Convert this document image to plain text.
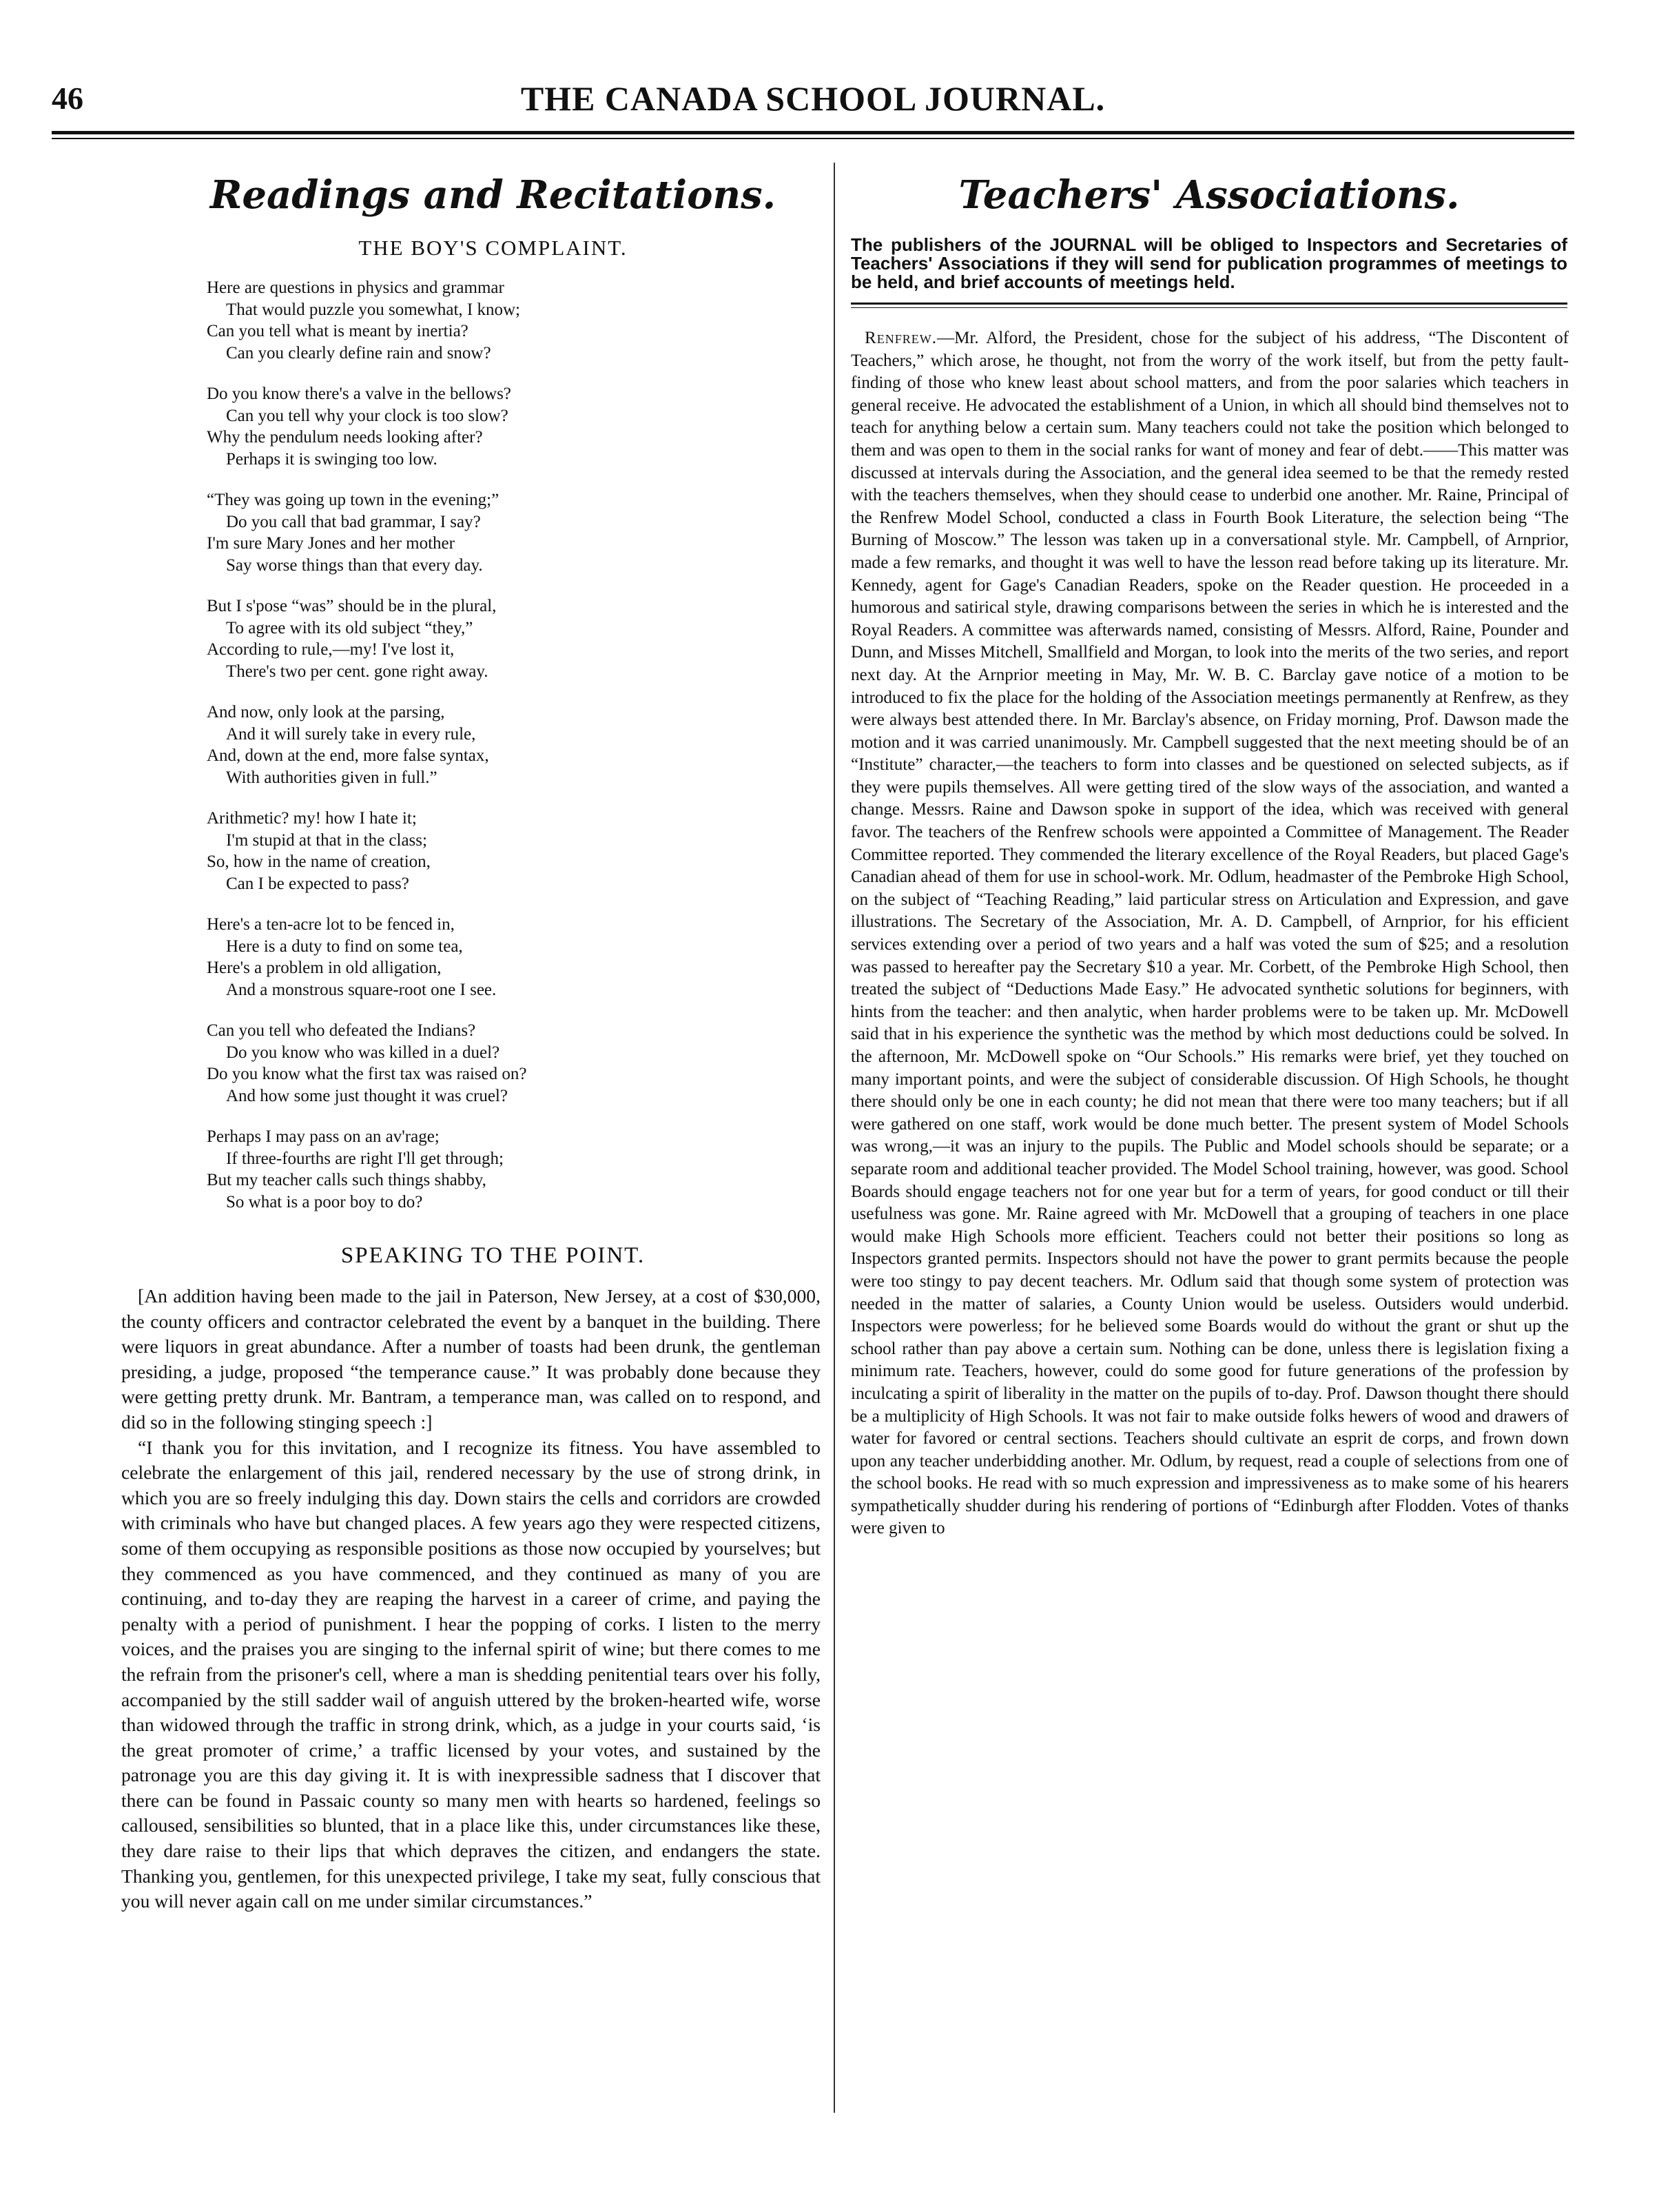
46	THE CANADA SCHOOL JOURNAL.
Readings and Recitations.
THE BOY'S COMPLAINT.
Here are questions in physics and grammar
That would puzzle you somewhat, I know;
Can you tell what is meant by inertia?
Can you clearly define rain and snow?
Do you know there's a valve in the bellows?
Can you tell why your clock is too slow?
Why the pendulum needs looking after?
Perhaps it is swinging too low.
“They was going up town in the evening;”
Do you call that bad grammar, I say?
I'm sure Mary Jones and her mother
Say worse things than that every day.
But I s'pose “was” should be in the plural,
To agree with its old subject “they,”
According to rule,—my! I've lost it,
There's two per cent. gone right away.
And now, only look at the parsing,
And it will surely take in every rule,
And, down at the end, more false syntax,
With authorities given in full.”
Arithmetic? my! how I hate it;
I'm stupid at that in the class;
So, how in the name of creation,
Can I be expected to pass?
Here's a ten-acre lot to be fenced in,
Here is a duty to find on some tea,
Here's a problem in old alligation,
And a monstrous square-root one I see.
Can you tell who defeated the Indians?
Do you know who was killed in a duel?
Do you know what the first tax was raised on?
And how some just thought it was cruel?
Perhaps I may pass on an av'rage;
If three-fourths are right I'll get through;
But my teacher calls such things shabby,
So what is a poor boy to do?
SPEAKING TO THE POINT.

[An addition having been made to the jail in Paterson, New Jersey, at a cost of $30,000, the county officers and contractor celebrated the event by a banquet in the building. There were liquors in great abundance. After a number of toasts had been drunk, the gentleman presiding, a judge, proposed “the temperance cause.” It was probably done because they were getting pretty drunk. Mr. Bantram, a temperance man, was called on to respond, and did so in the following stinging speech :]

“I thank you for this invitation, and I recognize its fitness. You have assembled to celebrate the enlargement of this jail, rendered necessary by the use of strong drink, in which you are so freely indulging this day. Down stairs the cells and corridors are crowded with criminals who have but changed places. A few years ago they were respected citizens, some of them occupying as responsible positions as those now occupied by yourselves; but they commenced as you have commenced, and they continued as many of you are continuing, and to-day they are reaping the harvest in a career of crime, and paying the penalty with a period of punishment. I hear the popping of corks. I listen to the merry voices, and the praises you are singing to the infernal spirit of wine; but there comes to me the refrain from the prisoner's cell, where a man is shedding penitential tears over his folly, accompanied by the still sadder wail of anguish uttered by the broken-hearted wife, worse than widowed through the traffic in strong drink, which, as a judge in your courts said, ‘is the great promoter of crime,’ a traffic licensed by your votes, and sustained by the patronage you are this day giving it. It is with inexpressible sadness that I discover that there can be found in Passaic county so many men with hearts so hardened, feelings so calloused, sensibilities so blunted, that in a place like this, under circumstances like these, they dare raise to their lips that which depraves the citizen, and endangers the state. Thanking you, gentlemen, for this unexpected privilege, I take my seat, fully conscious that you will never again call on me under similar circumstances.”

Teachers' Associations.

The publishers of the JOURNAL will be obliged to Inspectors and Secretaries of Teachers' Associations if they will send for publication programmes of meetings to be held, and brief accounts of meetings held.

Renfrew.—Mr. Alford, the President, chose for the subject of his address, “The Discontent of Teachers,” which arose, he thought, not from the worry of the work itself, but from the petty fault-finding of those who knew least about school matters, and from the poor salaries which teachers in general receive. He advocated the establishment of a Union, in which all should bind themselves not to teach for anything below a certain sum. Many teachers could not take the position which belonged to them and was open to them in the social ranks for want of money and fear of debt.——This matter was discussed at intervals during the Association, and the general idea seemed to be that the remedy rested with the teachers themselves, when they should cease to underbid one another. Mr. Raine, Principal of the Renfrew Model School, conducted a class in Fourth Book Literature, the selection being “The Burning of Moscow.” The lesson was taken up in a conversational style. Mr. Campbell, of Arnprior, made a few remarks, and thought it was well to have the lesson read before taking up its literature. Mr. Kennedy, agent for Gage's Canadian Readers, spoke on the Reader question. He proceeded in a humorous and satirical style, drawing comparisons between the series in which he is interested and the Royal Readers. A committee was afterwards named, consisting of Messrs. Alford, Raine, Pounder and Dunn, and Misses Mitchell, Smallfield and Morgan, to look into the merits of the two series, and report next day. At the Arnprior meeting in May, Mr. W. B. C. Barclay gave notice of a motion to be introduced to fix the place for the holding of the Association meetings permanently at Renfrew, as they were always best attended there. In Mr. Barclay's absence, on Friday morning, Prof. Dawson made the motion and it was carried unanimously. Mr. Campbell suggested that the next meeting should be of an “Institute” character,—the teachers to form into classes and be questioned on selected subjects, as if they were pupils themselves. All were getting tired of the slow ways of the association, and wanted a change. Messrs. Raine and Dawson spoke in support of the idea, which was received with general favor. The teachers of the Renfrew schools were appointed a Committee of Management. The Reader Committee reported. They commended the literary excellence of the Royal Readers, but placed Gage's Canadian ahead of them for use in school-work. Mr. Odlum, headmaster of the Pembroke High School, on the subject of “Teaching Reading,” laid particular stress on Articulation and Expression, and gave illustrations. The Secretary of the Association, Mr. A. D. Campbell, of Arnprior, for his efficient services extending over a period of two years and a half was voted the sum of $25; and a resolution was passed to hereafter pay the Secretary $10 a year. Mr. Corbett, of the Pembroke High School, then treated the subject of “Deductions Made Easy.” He advocated synthetic solutions for beginners, with hints from the teacher: and then analytic, when harder problems were to be taken up. Mr. McDowell said that in his experience the synthetic was the method by which most deductions could be solved. In the afternoon, Mr. McDowell spoke on “Our Schools.” His remarks were brief, yet they touched on many important points, and were the subject of considerable discussion. Of High Schools, he thought there should only be one in each county; he did not mean that there were too many teachers; but if all were gathered on one staff, work would be done much better. The present system of Model Schools was wrong,—it was an injury to the pupils. The Public and Model schools should be separate; or a separate room and additional teacher provided. The Model School training, however, was good. School Boards should engage teachers not for one year but for a term of years, for good conduct or till their usefulness was gone. Mr. Raine agreed with Mr. McDowell that a grouping of teachers in one place would make High Schools more efficient. Teachers could not better their positions so long as Inspectors granted permits. Inspectors should not have the power to grant permits because the people were too stingy to pay decent teachers. Mr. Odlum said that though some system of protection was needed in the matter of salaries, a County Union would be useless. Outsiders would underbid. Inspectors were powerless; for he believed some Boards would do without the grant or shut up the school rather than pay above a certain sum. Nothing can be done, unless there is legislation fixing a minimum rate. Teachers, however, could do some good for future generations of the profession by inculcating a spirit of liberality in the matter on the pupils of to-day. Prof. Dawson thought there should be a multiplicity of High Schools. It was not fair to make outside folks hewers of wood and drawers of water for favored or central sections. Teachers should cultivate an esprit de corps, and frown down upon any teacher underbidding another. Mr. Odlum, by request, read a couple of selections from one of the school books. He read with so much expression and impressiveness as to make some of his hearers sympathetically shudder during his rendering of portions of “Edinburgh after Flodden. Votes of thanks were given to
